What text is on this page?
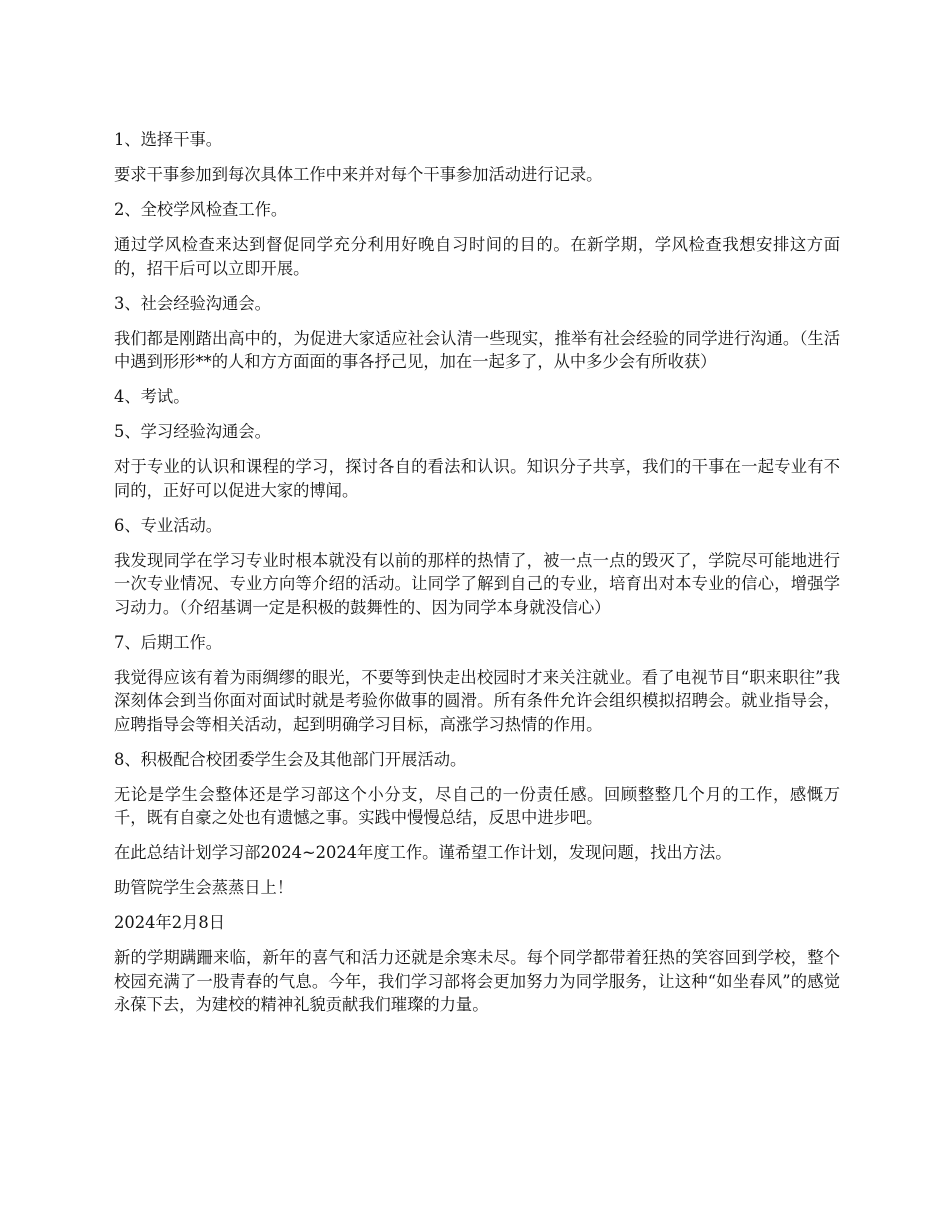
1、选择干事。

要求干事参加到每次具体工作中来并对每个干事参加活动进行记录。

2、全校学风检查工作。

通过学风检查来达到督促同学充分利用好晚自习时间的目的。在新学期，学风检查我想安排这方面的，招干后可以立即开展。

3、社会经验沟通会。

我们都是刚踏出高中的，为促进大家适应社会认清一些现实，推举有社会经验的同学进行沟通。（生活中遇到形形**的人和方方面面的事各抒己见，加在一起多了，从中多少会有所收获）

4、考试。

5、学习经验沟通会。

对于专业的认识和课程的学习，探讨各自的看法和认识。知识分子共享，我们的干事在一起专业有不同的，正好可以促进大家的博闻。

6、专业活动。

我发现同学在学习专业时根本就没有以前的那样的热情了，被一点一点的毁灭了，学院尽可能地进行一次专业情况、专业方向等介绍的活动。让同学了解到自己的专业，培育出对本专业的信心，增强学习动力。（介绍基调一定是积极的鼓舞性的、因为同学本身就没信心）

7、后期工作。

我觉得应该有着为雨绸缪的眼光，不要等到快走出校园时才来关注就业。看了电视节目“职来职往”我深刻体会到当你面对面试时就是考验你做事的圆滑。所有条件允许会组织模拟招聘会。就业指导会，应聘指导会等相关活动，起到明确学习目标，高涨学习热情的作用。

8、积极配合校团委学生会及其他部门开展活动。

无论是学生会整体还是学习部这个小分支，尽自己的一份责任感。回顾整整几个月的工作，感慨万千，既有自豪之处也有遗憾之事。实践中慢慢总结，反思中进步吧。

在此总结计划学习部2024~2024年度工作。谨希望工作计划，发现问题，找出方法。

助管院学生会蒸蒸日上！

2024年2月8日

新的学期蹒跚来临，新年的喜气和活力还就是余寒未尽。每个同学都带着狂热的笑容回到学校，整个校园充满了一股青春的气息。今年，我们学习部将会更加努力为同学服务，让这种“如坐春风”的感觉永葆下去，为建校的精神礼貌贡献我们璀璨的力量。
